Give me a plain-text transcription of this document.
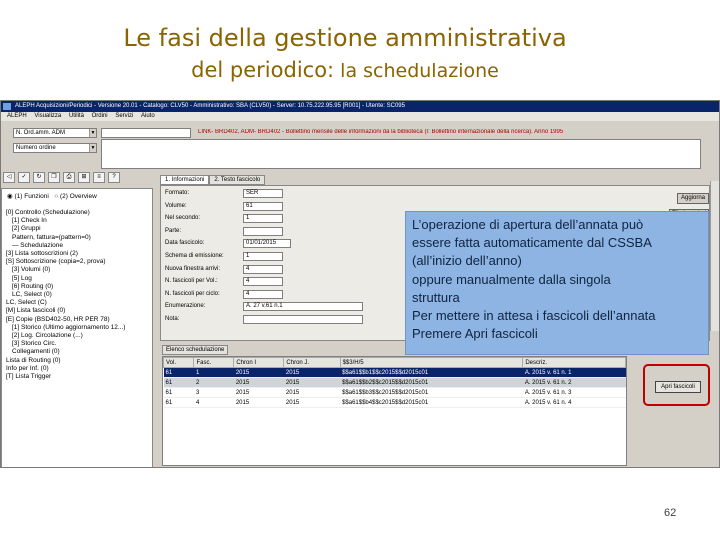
Le fasi della gestione amministrativa
del periodico: la schedulazione
ALEPH Acquisizioni/Periodici - Versione 20.01 - Catalogo: CLV50 - Amministrativo: SBA (CLV50) - Server: 10.75.222.95.95 [R001] - Utente: SC095
ALEPH Visualizza Utilità Ordini Servizi Aiuto
N. Ord.amm. ADM	▼	LINK- BRD402, ADM- BRD402 - Bollettino mensile delle informazioni da la biblioteca (I: Bollettino internazionale della ricerca). Anno 1995
Numero ordine	▼
◁ ✓ ↻ ❐ ⎙ ⊞ ≡ ?
◉ (1) Funzioni ○ (2) Overview
[0] Controllo (Schedulazione)
[1] Check In
[2] Gruppi
Pattern, fattura=(pattern=0)
— Schedulazione
[3] Lista sottoscrizioni (2)
[S] Sottoscrizione (copia=2, prova)
[3] Volumi (0)
[5] Log
[6] Routing (0)
LC, Select (0)
LC, Select (C)
[M] Lista fascicoli (0)
[E] Copie (BSD402-50, HR PER 78)
[1] Storico (Ultimo aggiornamento 12...)
[2] Log. Circolazione (...)
[3] Storico Circ.
Collegamenti (0)
Lista di Routing (0)
Info per Inf. (0)
[T] Lista Trigger
1. Informazioni 2. Testo fascicolo
Formato:	SER
Volume:	61
Nel secondo:	1
Parte:
Data fascicolo:	01/01/2015
Schema di emissione:	1
Nuova finestra arrivi:	4
N. fascicoli per Vol.:	4
N. fascicoli per ciclo:	4
Enumerazione:	A. 27 v.61 n.1
Nota:
Aggiorna
Elenco schedulazione
Vol.	Fasc.	Chron I	Chron J.	$$3/H/5	Descriz.
61	1	2015	2015	$$a61$$b1$$c2015$$d2015c01	A. 2015 v. 61 n. 1
61	2	2015	2015	$$a61$$b2$$c2015$$d2015c01	A. 2015 v. 61 n. 2
61	3	2015	2015	$$a61$$b3$$c2015$$d2015c01	A. 2015 v. 61 n. 3
61	4	2015	2015	$$a61$$b4$$c2015$$d2015c01	A. 2015 v. 61 n. 4
Apri fascicoli
L’operazione di apertura dell’annata può
essere fatta automaticamente dal CSSBA
(all’inizio dell’anno)
oppure manualmente dalla singola
struttura
Per mettere in attesa i fascicoli dell’annata
Premere Apri fascicoli
62
